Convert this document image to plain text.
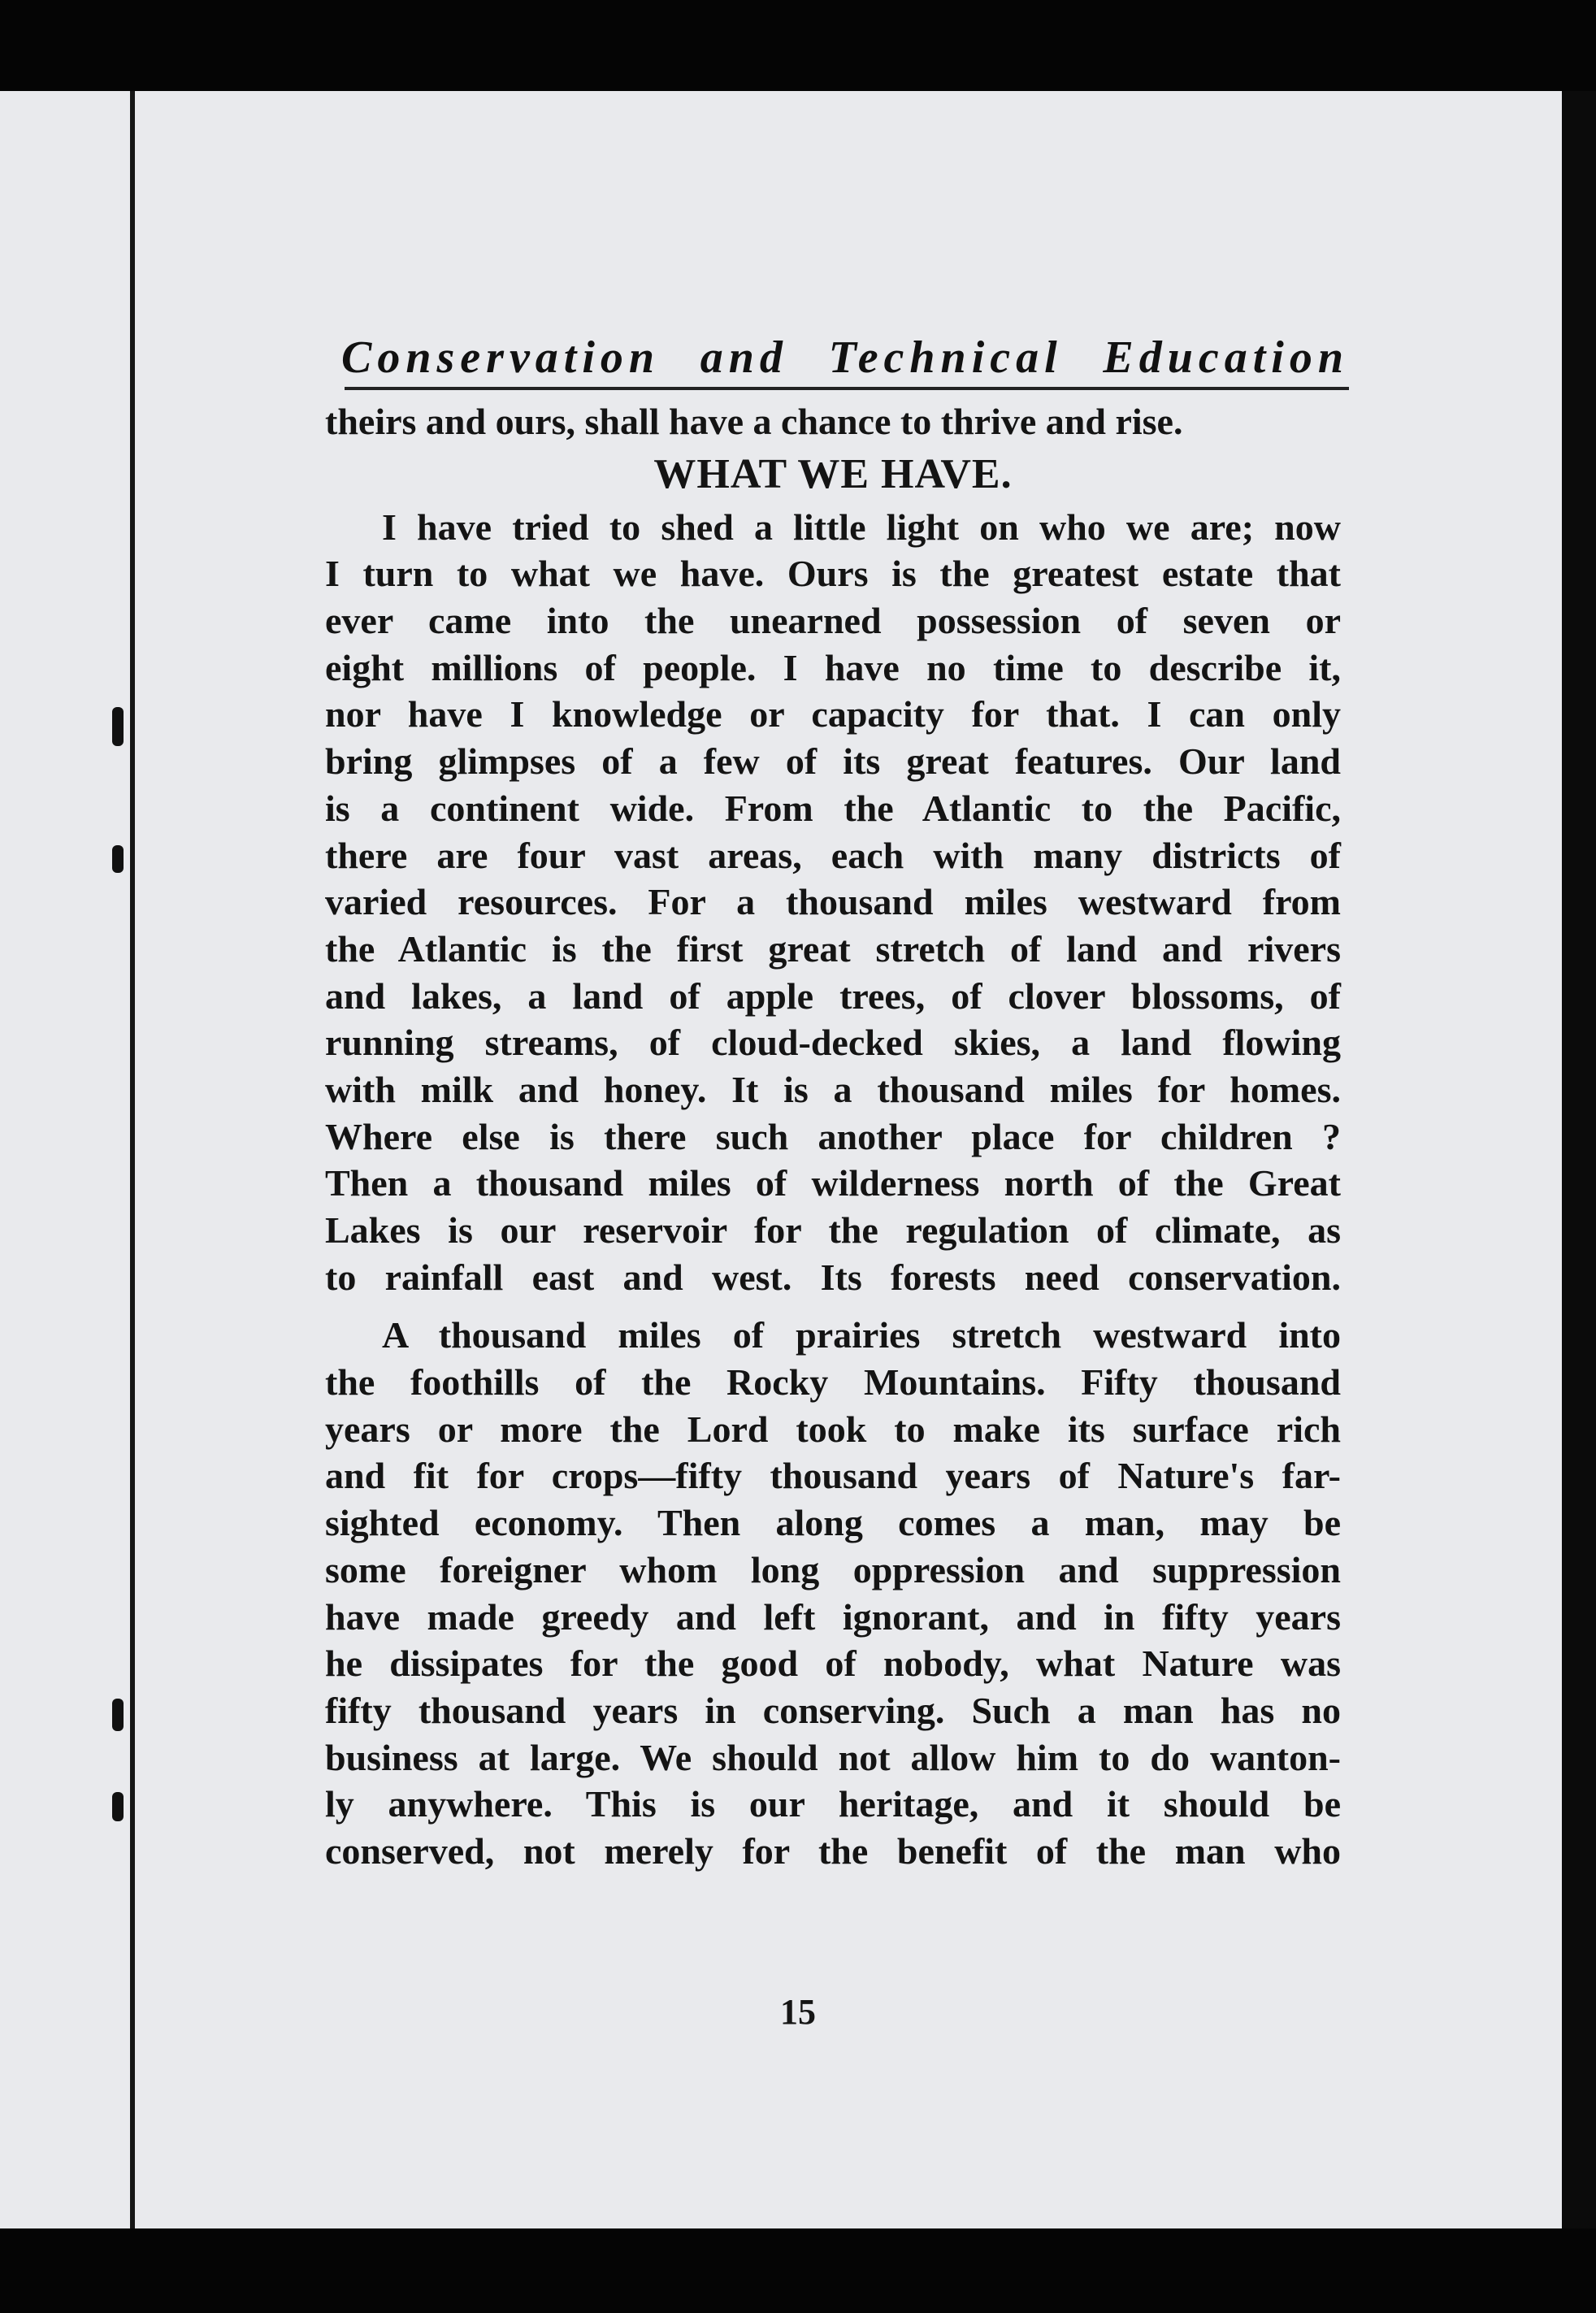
Conservation and Technical Education
theirs and ours, shall have a chance to thrive and rise.
WHAT WE HAVE.
I have tried to shed a little light on who we are; now
I turn to what we have. Ours is the greatest estate that
ever came into the unearned possession of seven or
eight millions of people. I have no time to describe it,
nor have I knowledge or capacity for that. I can only
bring glimpses of a few of its great features. Our land
is a continent wide. From the Atlantic to the Pacific,
there are four vast areas, each with many districts of
varied resources. For a thousand miles westward from
the Atlantic is the first great stretch of land and rivers
and lakes, a land of apple trees, of clover blossoms, of
running streams, of cloud-decked skies, a land flowing
with milk and honey. It is a thousand miles for homes.
Where else is there such another place for children ?
Then a thousand miles of wilderness north of the Great
Lakes is our reservoir for the regulation of climate, as
to rainfall east and west. Its forests need conservation.
A thousand miles of prairies stretch westward into
the foothills of the Rocky Mountains. Fifty thousand
years or more the Lord took to make its surface rich
and fit for crops—fifty thousand years of Nature's far-
sighted economy. Then along comes a man, may be
some foreigner whom long oppression and suppression
have made greedy and left ignorant, and in fifty years
he dissipates for the good of nobody, what Nature was
fifty thousand years in conserving. Such a man has no
business at large. We should not allow him to do wanton-
ly anywhere. This is our heritage, and it should be
conserved, not merely for the benefit of the man who
15
